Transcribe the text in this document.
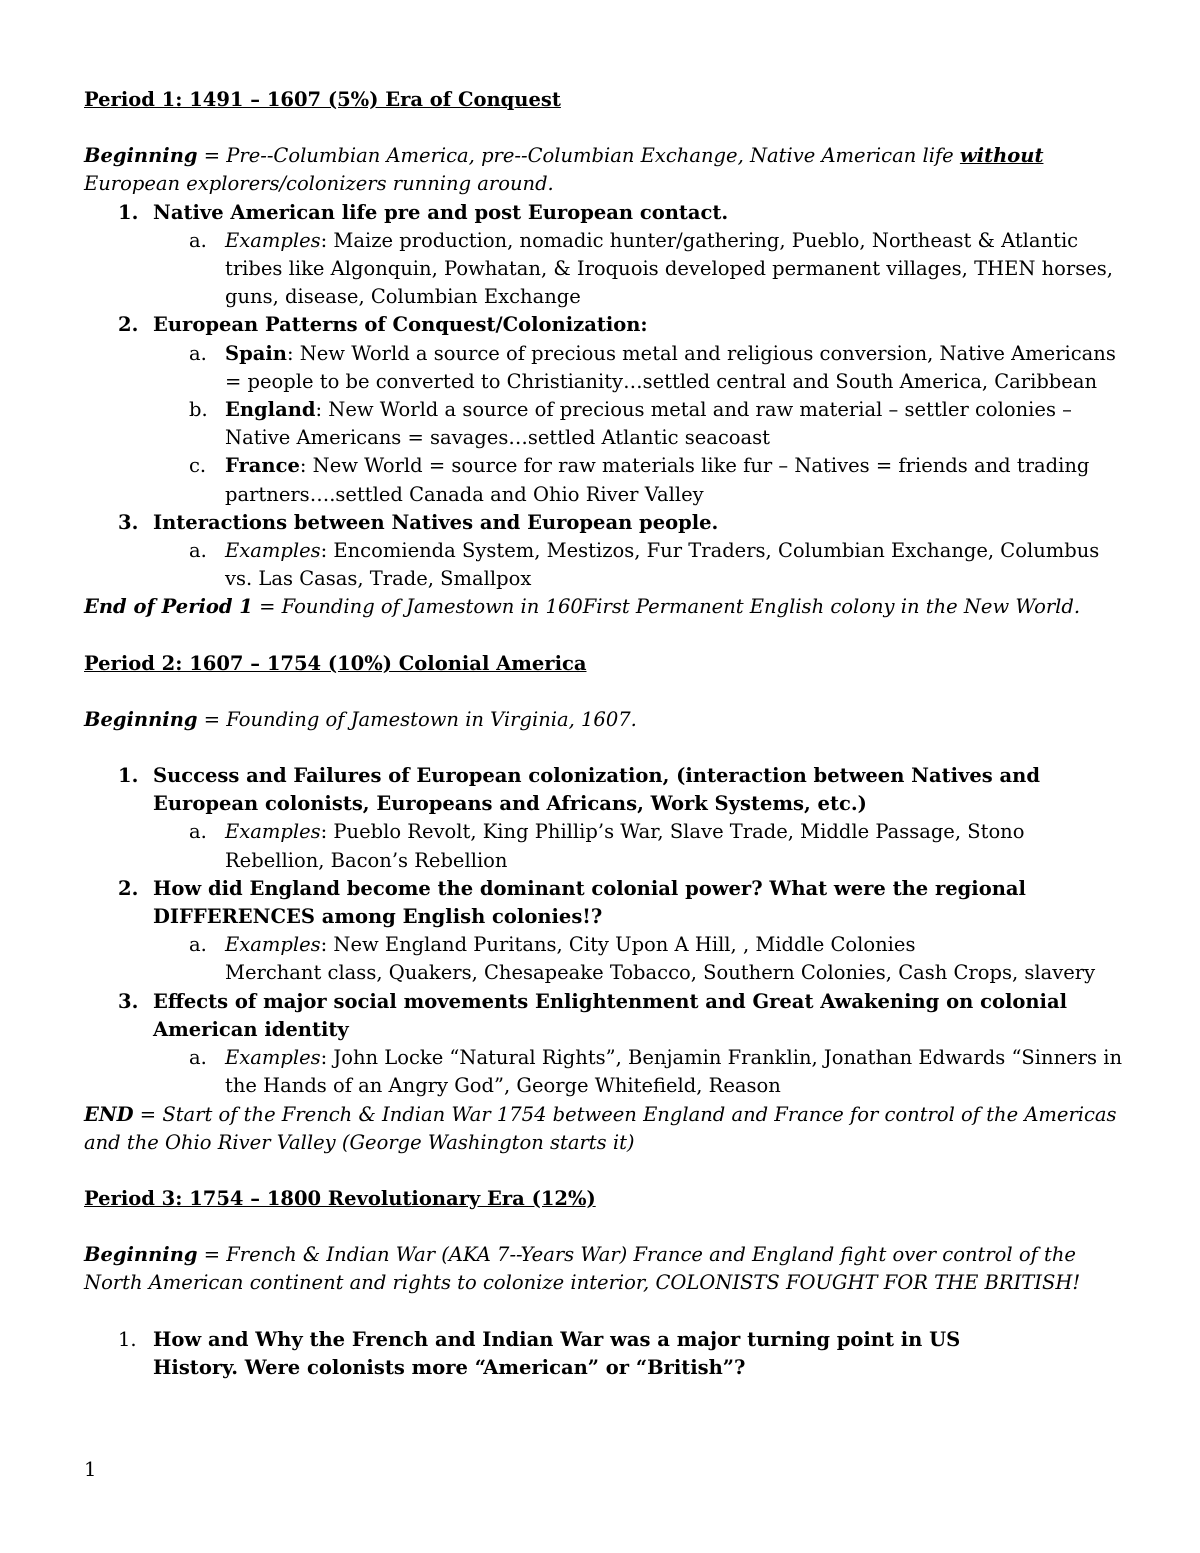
Period 1: 1491 – 1607 (5%) Era of Conquest

Beginning = Pre-‐Columbian America, pre-‐Columbian Exchange, Native American life without European explorers/colonizers running around.

1. Native American life pre and post European contact.

a. Examples: Maize production, nomadic hunter/gathering, Pueblo, Northeast & Atlantic tribes like Algonquin, Powhatan, & Iroquois developed permanent villages, THEN horses, guns, disease, Columbian Exchange

2. European Patterns of Conquest/Colonization:

a. Spain: New World a source of precious metal and religious conversion, Native Americans = people to be converted to Christianity…settled central and South America, Caribbean

b. England: New World a source of precious metal and raw material – settler colonies – Native Americans = savages…settled Atlantic seacoast

c. France: New World = source for raw materials like fur – Natives = friends and trading partners….settled Canada and Ohio River Valley

3. Interactions between Natives and European people.

a. Examples: Encomienda System, Mestizos, Fur Traders, Columbian Exchange, Columbus vs. Las Casas, Trade, Smallpox

End of Period 1 = Founding of Jamestown in 160First Permanent English colony in the New World.

Period 2: 1607 – 1754 (10%) Colonial America

Beginning = Founding of Jamestown in Virginia, 1607.

1. Success and Failures of European colonization, (interaction between Natives and European colonists, Europeans and Africans, Work Systems, etc.)

a. Examples: Pueblo Revolt, King Phillip’s War, Slave Trade, Middle Passage, Stono Rebellion, Bacon’s Rebellion

2. How did England become the dominant colonial power? What were the regional DIFFERENCES among English colonies!?

a. Examples: New England Puritans, City Upon A Hill, , Middle Colonies
Merchant class, Quakers, Chesapeake Tobacco, Southern Colonies, Cash Crops, slavery

3. Effects of major social movements Enlightenment and Great Awakening on colonial American identity

a. Examples: John Locke “Natural Rights”, Benjamin Franklin, Jonathan Edwards “Sinners in the Hands of an Angry God”, George Whitefield, Reason

END = Start of the French & Indian War 1754 between England and France for control of the Americas and the Ohio River Valley (George Washington starts it)

Period 3: 1754 – 1800 Revolutionary Era (12%)

Beginning = French & Indian War (AKA 7-‐Years War) France and England fight over control of the North American continent and rights to colonize interior, COLONISTS FOUGHT FOR THE BRITISH!

1. How and Why the French and Indian War was a major turning point in US
History. Were colonists more “American” or “British”?

1
